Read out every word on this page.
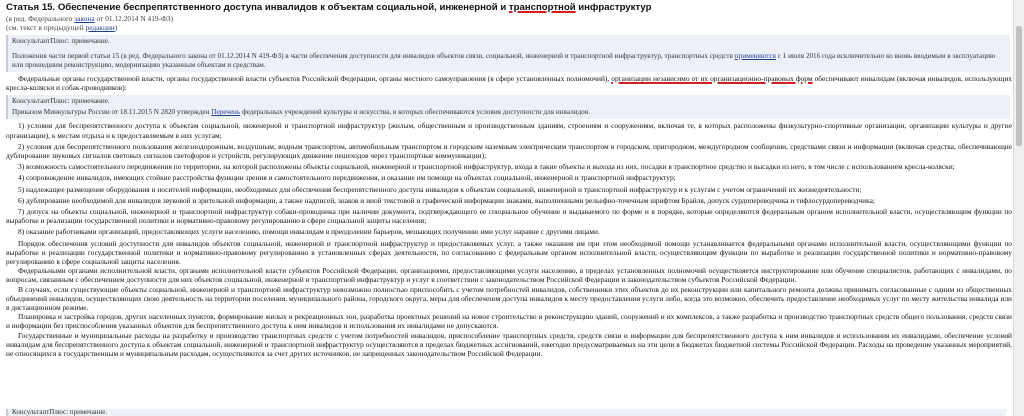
Статья 15. Обеспечение беспрепятственного доступа инвалидов к объектам социальной, инженерной и транспортной инфраструктур
(в ред. Федерального закона от 01.12.2014 N 419-ФЗ)
(см. текст в предыдущей редакции)
КонсультантПлюс: примечание.
Положения части первой статьи 15 (в ред. Федерального закона от 01.12.2014 N 419-ФЗ) в части обеспечения доступности для инвалидов объектов связи, социальной, инженерной и транспортной инфраструктур, транспортных средств применяются с 1 июля 2016 года исключительно ко вновь вводимым в эксплуатацию или прошедшим реконструкцию, модернизацию указанным объектам и средствам.

Федеральные органы государственной власти, органы государственной власти субъектов Российской Федерации, органы местного самоуправления (в сфере установленных полномочий), организации независимо от их организационно-правовых форм обеспечивают инвалидам (включая инвалидов, использующих кресла-коляски и собак-проводников):

КонсультантПлюс: примечание.
Приказом Минкультуры России от 18.11.2015 N 2820 утвержден Перечень федеральных учреждений культуры и искусства, в которых обеспечиваются условия доступности для инвалидов.

1) условия для беспрепятственного доступа к объектам социальной, инженерной и транспортной инфраструктур (жилым, общественным и производственным зданиям, строениям и сооружениям, включая те, в которых расположены физкультурно-спортивные организации, организации культуры и другие организации), к местам отдыха и к предоставляемым в них услугам;

2) условия для беспрепятственного пользования железнодорожным, воздушным, водным транспортом, автомобильным транспортом и городским наземным электрическим транспортом в городском, пригородном, междугородном сообщении, средствами связи и информации (включая средства, обеспечивающие дублирование звуковых сигналов световых сигналов светофоров и устройств, регулирующих движение пешеходов через транспортные коммуникации);

3) возможность самостоятельного передвижения по территории, на которой расположены объекты социальной, инженерной и транспортной инфраструктур, входа в такие объекты и выхода из них, посадки в транспортное средство и высадки из него, в том числе с использованием кресла-коляски;

4) сопровождение инвалидов, имеющих стойкие расстройства функции зрения и самостоятельного передвижения, и оказание им помощи на объектах социальной, инженерной и транспортной инфраструктур;

5) надлежащее размещение оборудования и носителей информации, необходимых для обеспечения беспрепятственного доступа инвалидов к объектам социальной, инженерной и транспортной инфраструктур и к услугам с учетом ограничений их жизнедеятельности;

6) дублирование необходимой для инвалидов звуковой и зрительной информации, а также надписей, знаков и иной текстовой и графической информации знаками, выполненными рельефно-точечным шрифтом Брайля, допуск сурдопереводчика и тифлосурдопереводчика;

7) допуск на объекты социальной, инженерной и транспортной инфраструктур собаки-проводника при наличии документа, подтверждающего ее специальное обучение и выдаваемого по форме и в порядке, которые определяются федеральным органом исполнительной власти, осуществляющим функции по выработке и реализации государственной политики и нормативно-правовому регулированию в сфере социальной защиты населения;

8) оказание работниками организаций, предоставляющих услуги населению, помощи инвалидам в преодолении барьеров, мешающих получению ими услуг наравне с другими лицами.

Порядок обеспечения условий доступности для инвалидов объектов социальной, инженерной и транспортной инфраструктур и предоставляемых услуг, а также оказания им при этом необходимой помощи устанавливается федеральными органами исполнительной власти, осуществляющими функции по выработке и реализации государственной политики и нормативно-правовому регулированию в установленных сферах деятельности, по согласованию с федеральным органом исполнительной власти, осуществляющим функции по выработке и реализации государственной политики и нормативно-правовому регулированию в сфере социальной защиты населения.

Федеральными органами исполнительной власти, органами исполнительной власти субъектов Российской Федерации, организациями, предоставляющими услуги населению, в пределах установленных полномочий осуществляется инструктирование или обучение специалистов, работающих с инвалидами, по вопросам, связанным с обеспечением доступности для них объектов социальной, инженерной и транспортной инфраструктур и услуг в соответствии с законодательством Российской Федерации и законодательством субъектов Российской Федерации.

В случаях, если существующие объекты социальной, инженерной и транспортной инфраструктур невозможно полностью приспособить с учетом потребностей инвалидов, собственники этих объектов до их реконструкции или капитального ремонта должны принимать согласованные с одним из общественных объединений инвалидов, осуществляющих свою деятельность на территории поселения, муниципального района, городского округа, меры для обеспечения доступа инвалидов к месту предоставления услуги либо, когда это возможно, обеспечить предоставление необходимых услуг по месту жительства инвалида или в дистанционном режиме.

Планировка и застройка городов, других населенных пунктов, формирование жилых и рекреационных зон, разработка проектных решений на новое строительство и реконструкцию зданий, сооружений и их комплексов, а также разработка и производство транспортных средств общего пользования, средств связи и информации без приспособления указанных объектов для беспрепятственного доступа к ним инвалидов и использования их инвалидами не допускаются.

Государственные и муниципальные расходы на разработку и производство транспортных средств с учетом потребностей инвалидов, приспособление транспортных средств, средств связи и информации для беспрепятственного доступа к ним инвалидов и использования их инвалидами, обеспечение условий инвалидам для беспрепятственного доступа к объектам социальной, инженерной и транспортной инфраструктур осуществляются в пределах бюджетных ассигнований, ежегодно предусматриваемых на эти цели в бюджетах бюджетной системы Российской Федерации. Расходы на проведение указанных мероприятий, не относящихся к государственным и муниципальным расходам, осуществляются за счет других источников, не запрещенных законодательством Российской Федерации.

КонсультантПлюс: примечание.
